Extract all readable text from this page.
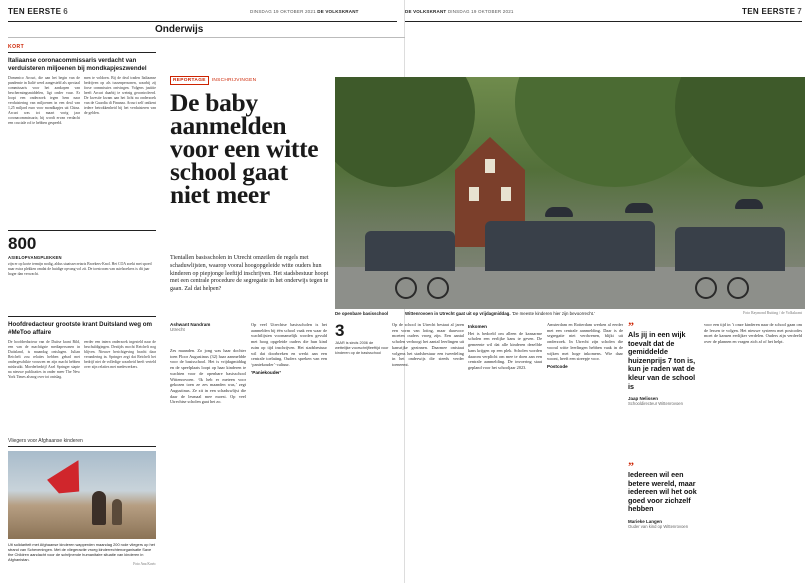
TEN EERSTE 6	DINSDAG 19 OKTOBER 2021 DE VOLKSKRANT
Onderwijs
KORT
Italiaanse coronacommissaris verdacht van verduisteren miljoenen bij mondkapjeszwendel
Domenico Arcuri, die aan het begin van de pandemie in Italië werd aangesteld als speciaal commissaris voor het aankopen van beschermingsmiddelen, ligt onder vuur. Er loopt een onderzoek tegen hem naar verduistering van miljoenen in een deal van 1,25 miljard euro voor mondkapjes uit China. Arcuri was tot maart vorig jaar coronacommissaris; hij wordt ervan verdacht een cruciale rol te hebben gespeeld.
men te voldoen. Bij de deal traden Italiaanse bedrijven op als tussenpersonen, waarbij zij forse commissies ontvingen. Volgens justitie heeft Arcuri daarbij te weinig gecontroleerd. De kwestie kwam aan het licht na onderzoek van de Guardia di Finanza. Arcuri zelf ontkent iedere betrokkenheid bij het verduisteren van de gelden.
800
ASIELOPVANGPLEKKEN
zijn er op korte termijn nodig, aldus staatssecretaris Broekers-Knol. Het COA zoekt met spoed naar extra plekken omdat de huidige opvang vol zit. De toestroom van asielzoekers is dit jaar hoger dan verwacht.
Hoofdredacteur grootste krant Duitsland weg om #MeToo affaire
De hoofdredacteur van de Duitse krant Bild, een van de machtigste mediapersonen in Duitsland, is maandag ontslagen. Julian Reichelt zou relaties hebben gehad met ondergeschikte vrouwen en zijn macht hebben misbruikt. Moederbedrijf Axel Springer stapte na nieuwe publicaties in onder meer The New York Times alsnog over tot ontslag.
eerder een intern onderzoek ingesteld naar de beschuldigingen. Destijds mocht Reichelt nog blijven. Nieuwe berichtgeving bracht daar verandering in. Springer zegt dat Reichelt het bedrijf niet de volledige waarheid heeft verteld over zijn relaties met medewerkers.
Vliegers voor Afghaanse kinderen
Uit solidariteit met Afghaanse kinderen wapperden maandag 200 rode vliegers op het strand van Scheveningen. Met de vliegeractie vroeg kinderrechtenorganisatie Save the Children aandacht voor de schrijnende humanitaire situatie van kinderen in Afghanistan.
Foto Ana Kavic
REPORTAGE	INSCHRIJVINGEN
De baby aanmelden voor een witte school gaat niet meer
Tientallen basisscholen in Utrecht omzeilen de regels met schaduwlijsten, waarop vooral hoogopgeleide witte ouders hun kinderen op piepjonge leeftijd inschrijven. Het stadsbestuur hoopt met een centrale procedure de segregatie in het onderwijs tegen te gaan. Zal dat helpen?
Ashwant Nandram
Utrecht
Zes maanden. Zo jong was haar dochter toen Floor Augustinus (32) haar aanmeldde voor de basisschool. Het is vrijdagmiddag en de speelplaats loopt op haar kinderen te wachten voor de openbare basisschool Wittenrovoen. ‘Ik heb er meteen voor gekozen toen ze zes maanden was,’ zegt Augustinus. Ze zit in een schaduwlijst die daar de lesmaal mee moest. Op veel Utrechtse scholen gaat het zo.
Op veel Utrechtse basisscholen is het aanmelden bij één school vaak een waar de wachtlijsten voornamelijk worden gevuld met hoog opgeleide ouders die hun kind ruim op tijd inschrijven. Het stadsbestuur wil dat doorbreken en werkt aan een centrale toelating. Ouders spreken van een ‘paniekouder’-cultuur.
‘Paniekouder’
DE VOLKSKRANT DINSDAG 19 OKTOBER 2021	TEN EERSTE 7
De openbare basisschool	Wittenrovoen in Utrecht gaat uit op vrijdagmiddag. ‘De meeste kinderen hier zijn bevoorrecht.’	Foto Raymond Rutting / de Volkskrant
3
JAAR is sinds 2006 de wettelijke voorschrijfleeftijd voor kinderen op de basisschool
Op de school in Utrecht bestaat al jaren een vorm van loting, maar daarvoor moeten ouders vroeg zijn. Een aantal scholen verhoogt het aantal leerlingen uit kansrijke gezinnen. Daarmee ontstaat volgens het stadsbestuur een tweedeling in het onderwijs die steeds verder toeneemt.
Inkomen
Het is bedoeld om alleen de kansarme scholen een eerlijke kans te geven. De gemeente wil dat alle kinderen dezelfde kans krijgen op een plek. Scholen worden daarom verplicht om mee te doen aan een centrale aanmelding. De invoering staat gepland voor het schooljaar 2023.
Amsterdam en Rotterdam werken al eerder met een centrale aanmelding. Daar is de segregatie niet verdwenen, blijkt uit onderzoek. In Utrecht zijn scholen die vooral witte leerlingen hebben vaak in de wijken met hoge inkomens. Wie daar woont, heeft een streepje voor.
Postcode
”
Als jij in een wijk toevalt dat de gemiddelde huizenprijs 7 ton is, kun je raden wat de kleur van de school is
Jaap Nelissen
Schooldirecteur Wittenrovoen
”
Iedereen wil een betere wereld, maar iedereen wil het ook goed voor zichzelf hebben
Marieke Langen
Ouder van kind op Wittenrovoen
voor een tijd in ’t onze kinderen naar de school gaan om de lessen te volgen. Het nieuwe systeem met postcodes moet de kansen eerlijker verdelen. Ouders zijn verdeeld over de plannen en vragen zich af of het helpt.
